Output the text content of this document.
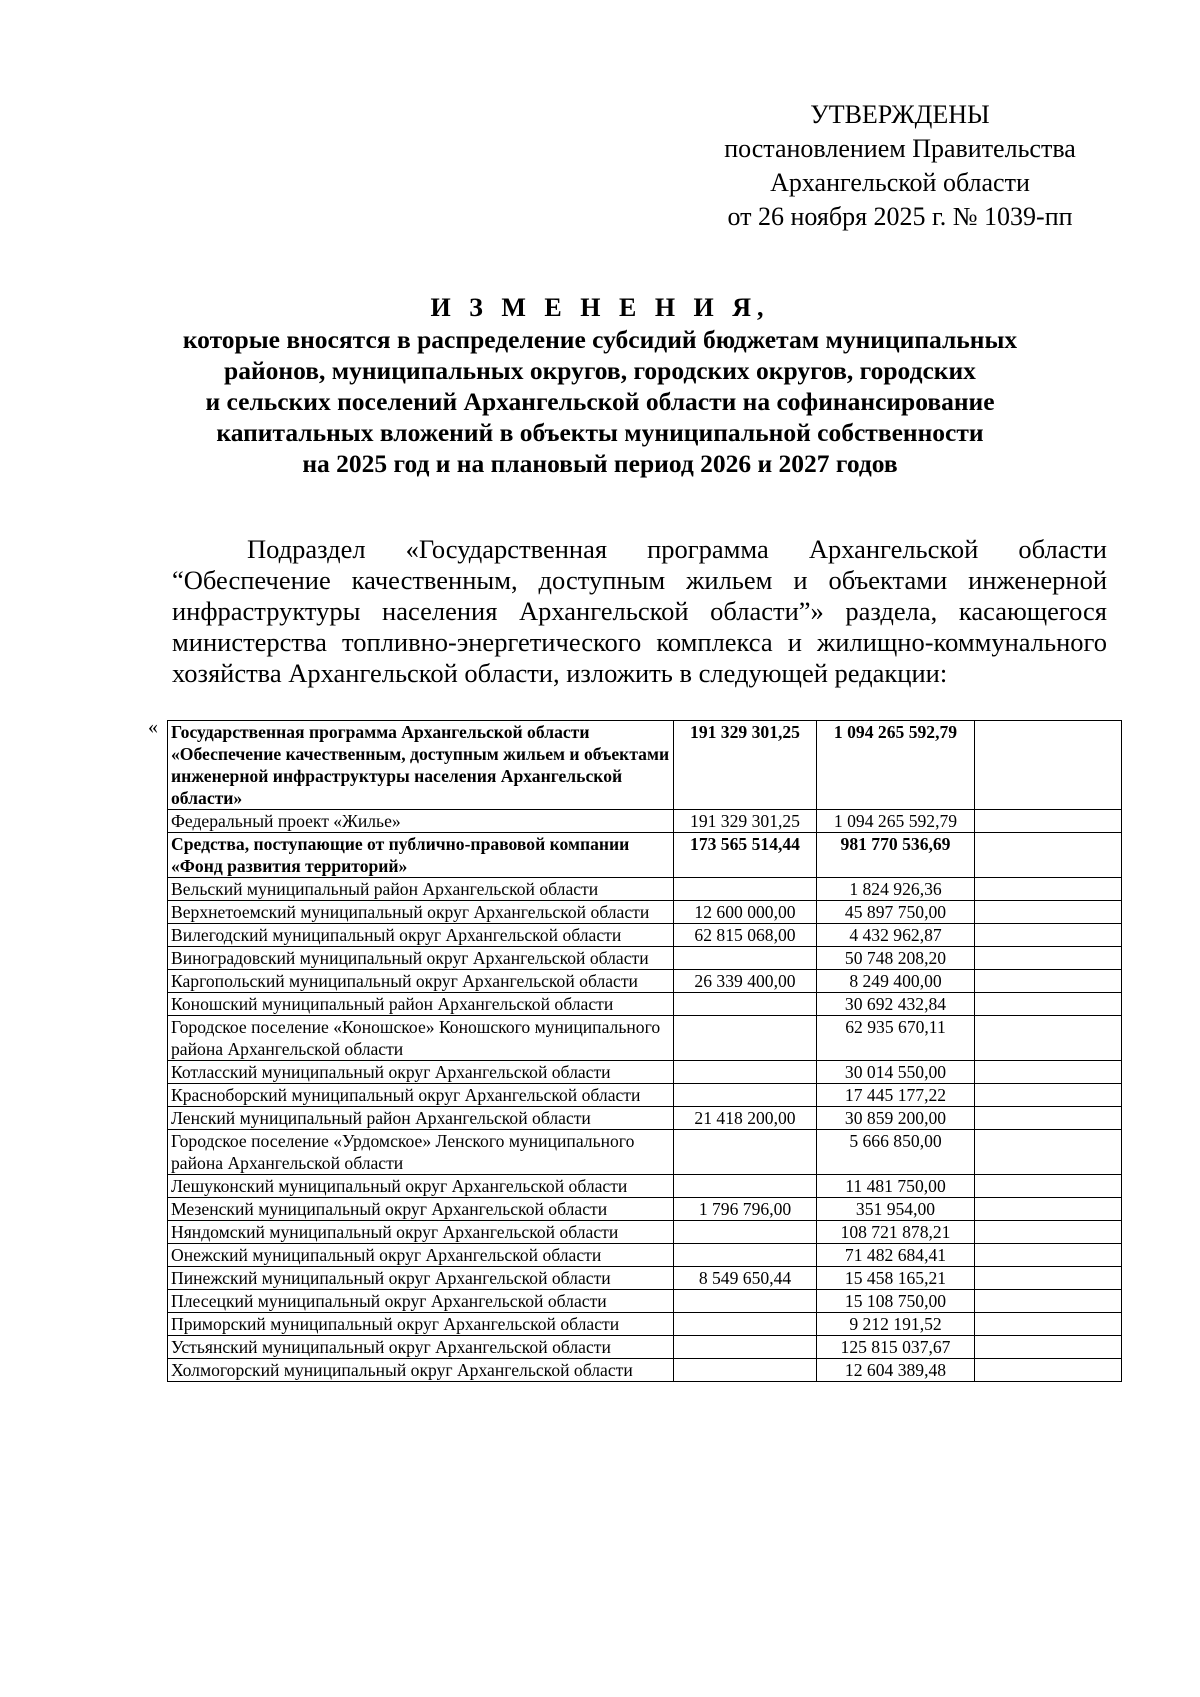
УТВЕРЖДЕНЫ
постановлением Правительства
Архангельской области
от 26 ноября 2025 г. № 1039-пп
И З М Е Н Е Н И Я,
которые вносятся в распределение субсидий бюджетам муниципальных
районов, муниципальных округов, городских округов, городских
и сельских поселений Архангельской области на софинансирование
капитальных вложений в объекты муниципальной собственности
на 2025 год и на плановый период 2026 и 2027 годов
Подраздел «Государственная программа Архангельской области
“Обеспечение качественным, доступным жильем и объектами инженерной
инфраструктуры населения Архангельской области”» раздела, касающегося
министерства топливно-энергетического комплекса и жилищно-коммунального
хозяйства Архангельской области, изложить в следующей редакции:
« Государственная программа Архангельской области «Обеспечение качественным, доступным жильем и объектами инженерной инфраструктуры населения Архангельской области»	191 329 301,25	1 094 265 592,79	
Федеральный проект «Жилье»	191 329 301,25	1 094 265 592,79	
Средства, поступающие от публично-правовой компании «Фонд развития территорий»	173 565 514,44	981 770 536,69	
Вельский муниципальный район Архангельской области		1 824 926,36	
Верхнетоемский муниципальный округ Архангельской области	12 600 000,00	45 897 750,00	
Вилегодский муниципальный округ Архангельской области	62 815 068,00	4 432 962,87	
Виноградовский муниципальный округ Архангельской области		50 748 208,20	
Каргопольский муниципальный округ Архангельской области	26 339 400,00	8 249 400,00	
Коношский муниципальный район Архангельской области		30 692 432,84	
Городское поселение «Коношское» Коношского муниципального района Архангельской области		62 935 670,11	
Котласский муниципальный округ Архангельской области		30 014 550,00	
Красноборский муниципальный округ Архангельской области		17 445 177,22	
Ленский муниципальный район Архангельской области	21 418 200,00	30 859 200,00	
Городское поселение «Урдомское» Ленского муниципального района Архангельской области		5 666 850,00	
Лешуконский муниципальный округ Архангельской области		11 481 750,00	
Мезенский муниципальный округ Архангельской области	1 796 796,00	351 954,00	
Няндомский муниципальный округ Архангельской области		108 721 878,21	
Онежский муниципальный округ Архангельской области		71 482 684,41	
Пинежский муниципальный округ Архангельской области	8 549 650,44	15 458 165,21	
Плесецкий муниципальный округ Архангельской области		15 108 750,00	
Приморский муниципальный округ Архангельской области		9 212 191,52	
Устьянский муниципальный округ Архангельской области		125 815 037,67	
Холмогорский муниципальный округ Архангельской области		12 604 389,48	
